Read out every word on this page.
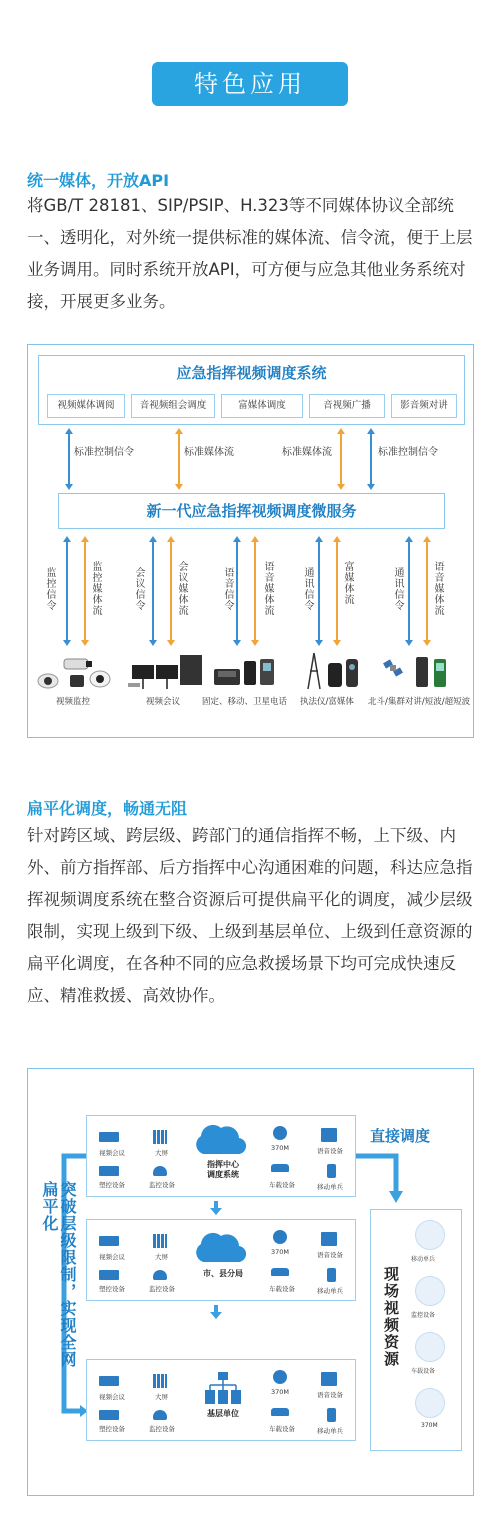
特色应用
统一媒体，开放API
将GB/T 28181、SIP/PSIP、H.323等不同媒体协议全部统一、透明化，对外统一提供标准的媒体流、信令流，便于上层业务调用。同时系统开放API，可方便与应急其他业务系统对接，开展更多业务。
应急指挥视频调度系统
视频媒体调阅	音视频组会调度	富媒体调度	音视频广播	影音频对讲
标准控制信令	标准媒体流	标准媒体流	标准控制信令
新一代应急指挥视频调度微服务
监控信令	监控媒体流	会议信令	会议媒体流	语音信令	语音媒体流	通讯信令	富媒体流	通讯信令	语音媒体流
视频监控	视频会议	固定、移动、卫星电话 执法仪/富媒体 北斗/集群对讲/短波/超短波
扁平化调度，畅通无阻
针对跨区域、跨层级、跨部门的通信指挥不畅，上下级、内外、前方指挥部、后方指挥中心沟通困难的问题，科达应急指挥视频调度系统在整合资源后可提供扁平化的调度，减少层级限制，实现上级到下级、上级到基层单位、上级到任意资源的扁平化调度，在各种不同的应急救援场景下均可完成快速反应、精准救援、高效协作。
突破层级限制，实现全网扁平化
直接调度
视频会议	大屏
370M	语音设备
塑控设备	监控设备	车载设备	移动单兵
指挥中心
调度系统
视频会议	大屏
370M	语音设备
塑控设备	监控设备	车载设备	移动单兵
市、县分局
视频会议	大屏
370M	语音设备
塑控设备	监控设备	车载设备	移动单兵
基层单位
现场视频资源
移动单兵
监控设备
车载设备
370M
